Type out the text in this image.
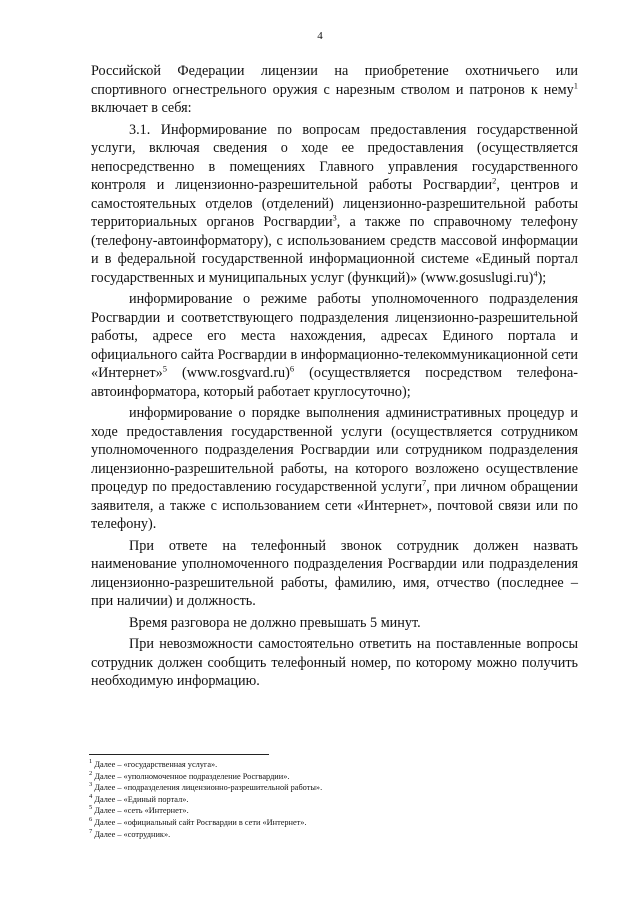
4

Российской Федерации лицензии на приобретение охотничьего или спортивного огнестрельного оружия с нарезным стволом и патронов к нему$^1$ включает в себя:

3.1. Информирование по вопросам предоставления государственной услуги, включая сведения о ходе ее предоставления (осуществляется непосредственно в помещениях Главного управления государственного контроля и лицензионно-разрешительной работы Росгвардии$^2$, центров и самостоятельных отделов (отделений) лицензионно-разрешительной работы территориальных органов Росгвардии$^3$, а также по справочному телефону (телефону-автоинформатору), с использованием средств массовой информации и в федеральной государственной информационной системе «Единый портал государственных и муниципальных услуг (функций)» (www.gosuslugi.ru)$^4$);

информирование о режиме работы уполномоченного подразделения Росгвардии и соответствующего подразделения лицензионно-разрешительной работы, адресе его места нахождения, адресах Единого портала и официального сайта Росгвардии в информационно-телекоммуникационной сети «Интернет»$^5$ (www.rosgvard.ru)$^6$ (осуществляется посредством телефона-автоинформатора, который работает круглосуточно);

информирование о порядке выполнения административных процедур и ходе предоставления государственной услуги (осуществляется сотрудником уполномоченного подразделения Росгвардии или сотрудником подразделения лицензионно-разрешительной работы, на которого возложено осуществление процедур по предоставлению государственной услуги$^7$, при личном обращении заявителя, а также с использованием сети «Интернет», почтовой связи или по телефону).

При ответе на телефонный звонок сотрудник должен назвать наименование уполномоченного подразделения Росгвардии или подразделения лицензионно-разрешительной работы, фамилию, имя, отчество (последнее – при наличии) и должность.

Время разговора не должно превышать 5 минут.

При невозможности самостоятельно ответить на поставленные вопросы сотрудник должен сообщить телефонный номер, по которому можно получить необходимую информацию.

$^1$ Далее – «государственная услуга».
$^2$ Далее – «уполномоченное подразделение Росгвардии».
$^3$ Далее – «подразделения лицензионно-разрешительной работы».
$^4$ Далее – «Единый портал».
$^5$ Далее – «сеть «Интернет».
$^6$ Далее – «официальный сайт Росгвардии в сети «Интернет».
$^7$ Далее – «сотрудник».
